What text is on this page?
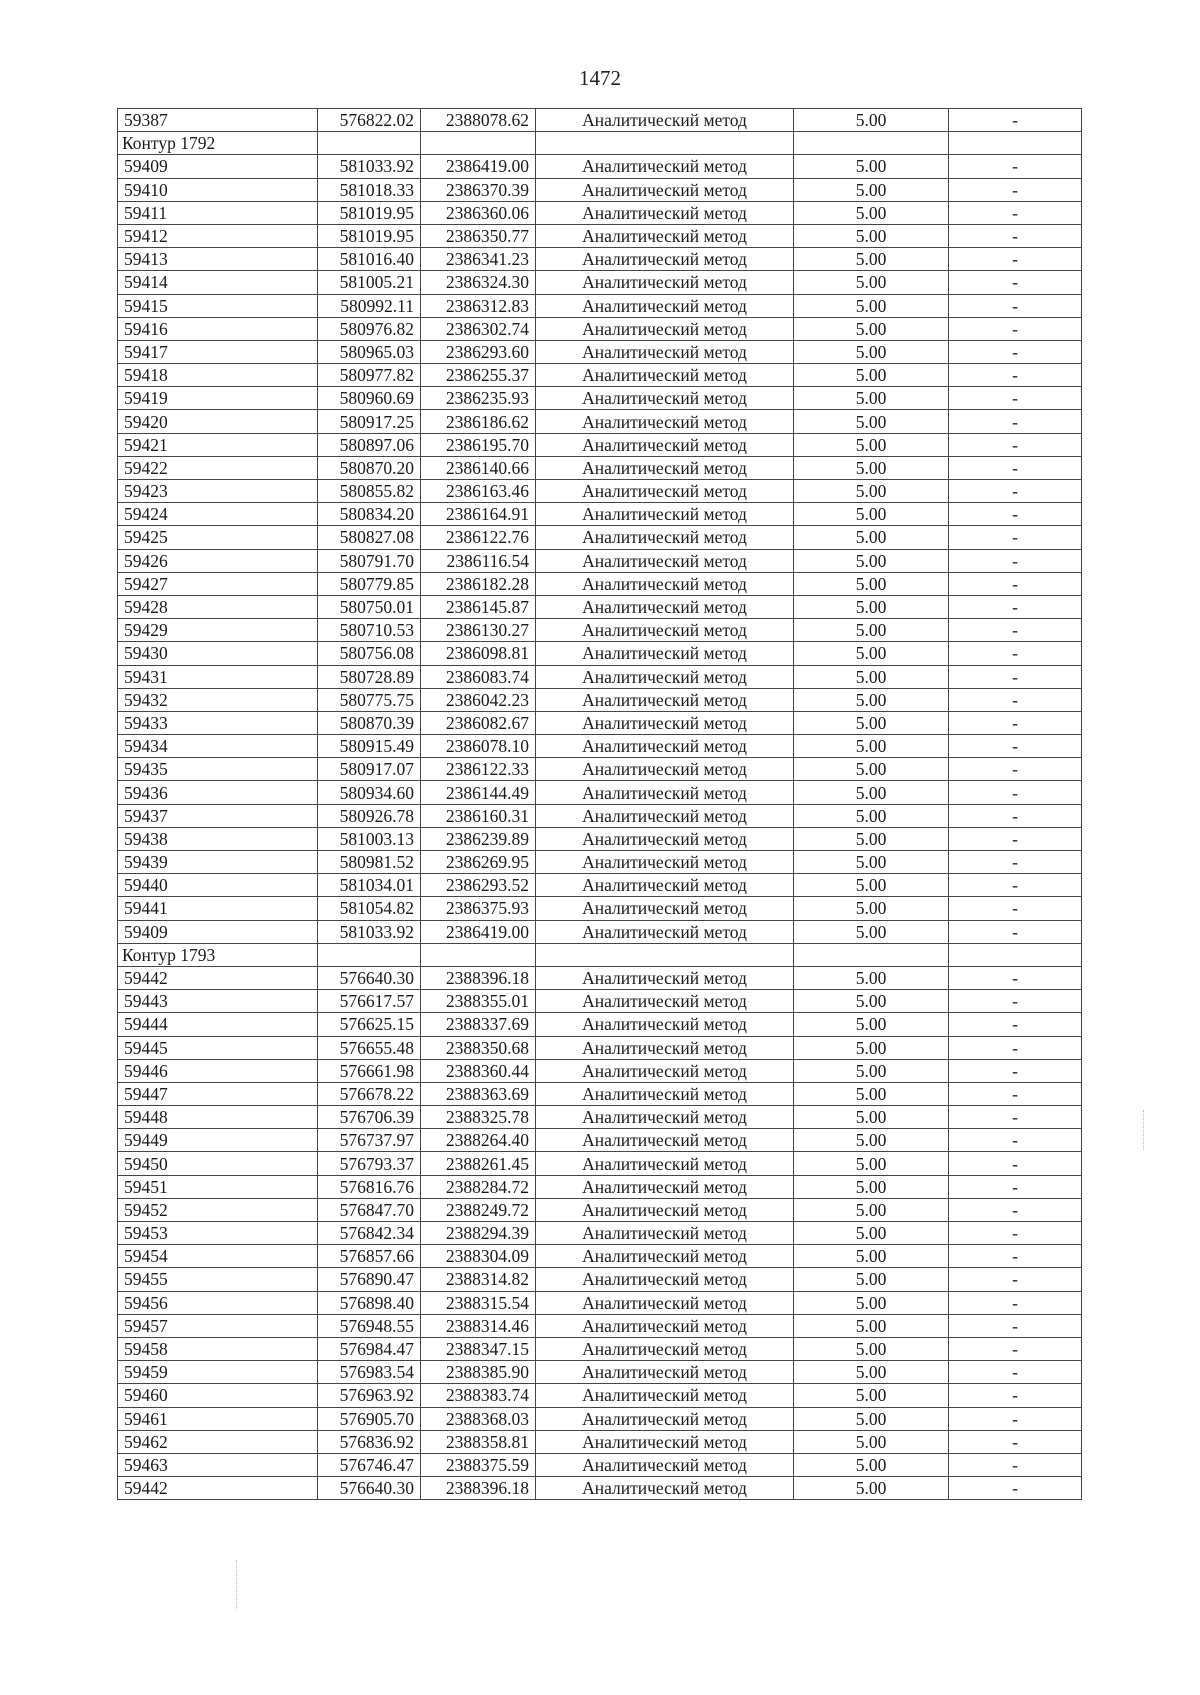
1472
59387	576822.02	2388078.62	Аналитический метод	5.00	-
Контур 1792					
59409	581033.92	2386419.00	Аналитический метод	5.00	-
59410	581018.33	2386370.39	Аналитический метод	5.00	-
59411	581019.95	2386360.06	Аналитический метод	5.00	-
59412	581019.95	2386350.77	Аналитический метод	5.00	-
59413	581016.40	2386341.23	Аналитический метод	5.00	-
59414	581005.21	2386324.30	Аналитический метод	5.00	-
59415	580992.11	2386312.83	Аналитический метод	5.00	-
59416	580976.82	2386302.74	Аналитический метод	5.00	-
59417	580965.03	2386293.60	Аналитический метод	5.00	-
59418	580977.82	2386255.37	Аналитический метод	5.00	-
59419	580960.69	2386235.93	Аналитический метод	5.00	-
59420	580917.25	2386186.62	Аналитический метод	5.00	-
59421	580897.06	2386195.70	Аналитический метод	5.00	-
59422	580870.20	2386140.66	Аналитический метод	5.00	-
59423	580855.82	2386163.46	Аналитический метод	5.00	-
59424	580834.20	2386164.91	Аналитический метод	5.00	-
59425	580827.08	2386122.76	Аналитический метод	5.00	-
59426	580791.70	2386116.54	Аналитический метод	5.00	-
59427	580779.85	2386182.28	Аналитический метод	5.00	-
59428	580750.01	2386145.87	Аналитический метод	5.00	-
59429	580710.53	2386130.27	Аналитический метод	5.00	-
59430	580756.08	2386098.81	Аналитический метод	5.00	-
59431	580728.89	2386083.74	Аналитический метод	5.00	-
59432	580775.75	2386042.23	Аналитический метод	5.00	-
59433	580870.39	2386082.67	Аналитический метод	5.00	-
59434	580915.49	2386078.10	Аналитический метод	5.00	-
59435	580917.07	2386122.33	Аналитический метод	5.00	-
59436	580934.60	2386144.49	Аналитический метод	5.00	-
59437	580926.78	2386160.31	Аналитический метод	5.00	-
59438	581003.13	2386239.89	Аналитический метод	5.00	-
59439	580981.52	2386269.95	Аналитический метод	5.00	-
59440	581034.01	2386293.52	Аналитический метод	5.00	-
59441	581054.82	2386375.93	Аналитический метод	5.00	-
59409	581033.92	2386419.00	Аналитический метод	5.00	-
Контур 1793					
59442	576640.30	2388396.18	Аналитический метод	5.00	-
59443	576617.57	2388355.01	Аналитический метод	5.00	-
59444	576625.15	2388337.69	Аналитический метод	5.00	-
59445	576655.48	2388350.68	Аналитический метод	5.00	-
59446	576661.98	2388360.44	Аналитический метод	5.00	-
59447	576678.22	2388363.69	Аналитический метод	5.00	-
59448	576706.39	2388325.78	Аналитический метод	5.00	-
59449	576737.97	2388264.40	Аналитический метод	5.00	-
59450	576793.37	2388261.45	Аналитический метод	5.00	-
59451	576816.76	2388284.72	Аналитический метод	5.00	-
59452	576847.70	2388249.72	Аналитический метод	5.00	-
59453	576842.34	2388294.39	Аналитический метод	5.00	-
59454	576857.66	2388304.09	Аналитический метод	5.00	-
59455	576890.47	2388314.82	Аналитический метод	5.00	-
59456	576898.40	2388315.54	Аналитический метод	5.00	-
59457	576948.55	2388314.46	Аналитический метод	5.00	-
59458	576984.47	2388347.15	Аналитический метод	5.00	-
59459	576983.54	2388385.90	Аналитический метод	5.00	-
59460	576963.92	2388383.74	Аналитический метод	5.00	-
59461	576905.70	2388368.03	Аналитический метод	5.00	-
59462	576836.92	2388358.81	Аналитический метод	5.00	-
59463	576746.47	2388375.59	Аналитический метод	5.00	-
59442	576640.30	2388396.18	Аналитический метод	5.00	-
